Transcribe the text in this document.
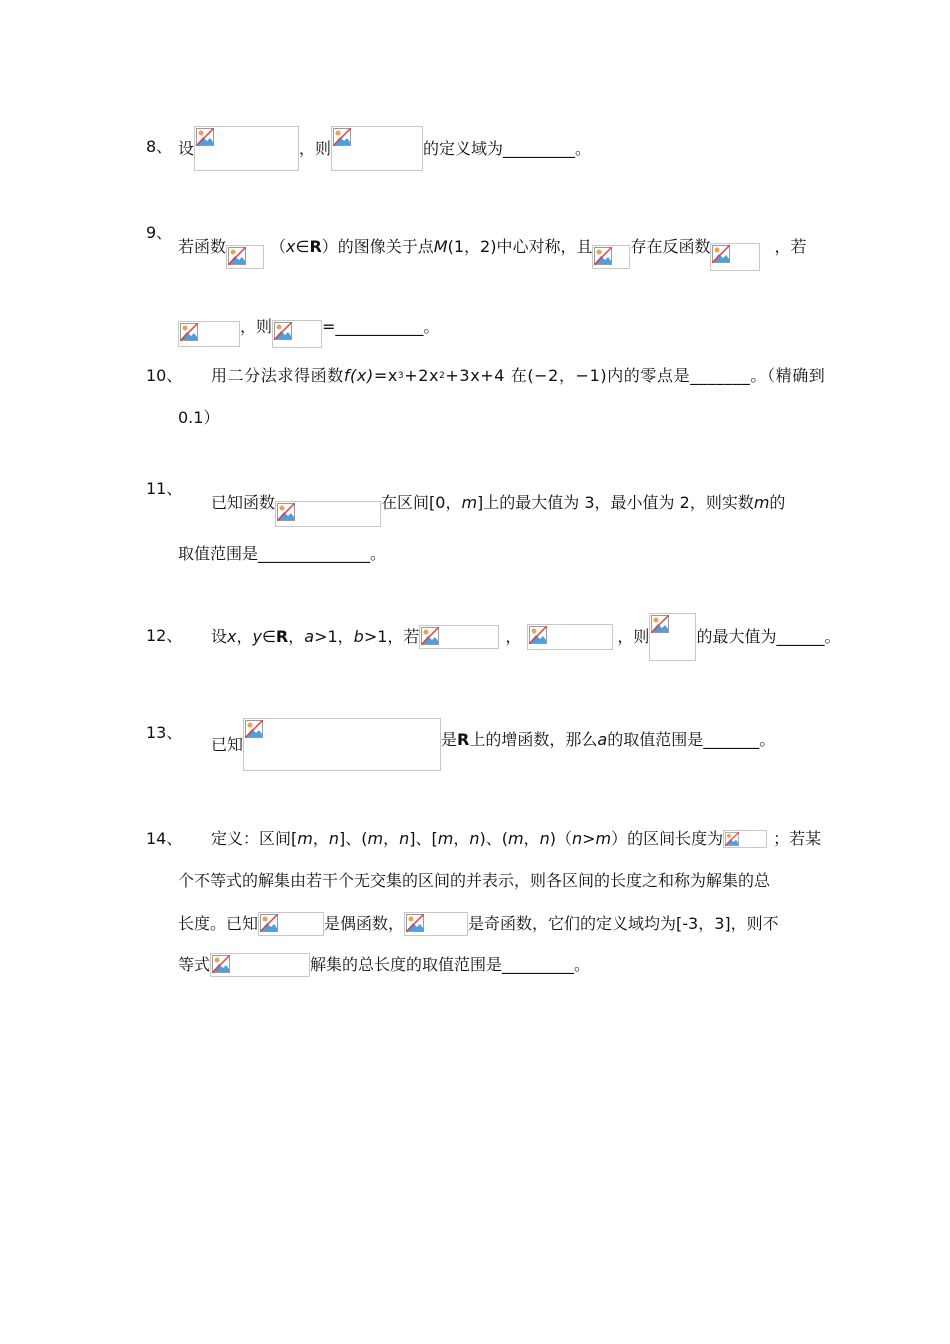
8、 设	，则	的定义域为_________。
9、
若函数	（ x ∈ R ）的图像关于点 M (1，2)中心对称，且 存在反函数	，若
，则	=___________。
10、 用二分法求得函数 f(x) =x 3 +2x 2 +3x+4 在(−2，−1)内的零点是_______。（精确到
0.1）
11、
已知函数	在区间[0， m ]上的最大值为 3，最小值为 2，则实数 m 的
取值范围是______________。
12、 设 x ， y ∈ R ， a >1， b >1，若	，	，则	的最大值为______。
13、
已知	是 R 上的增函数，那么 a 的取值范围是_______。
14、 定义：区间[ m ， n ]、( m ， n ]、[ m ， n )、( m ， n )（ n > m ）的区间长度为	；若某
个不等式的解集由若干个无交集的区间的并表示，则各区间的长度之和称为解集的总
长度。已知	是偶函数，	是奇函数，它们的定义域均为[-3，3]，则不
等式	解集的总长度的取值范围是_________。
